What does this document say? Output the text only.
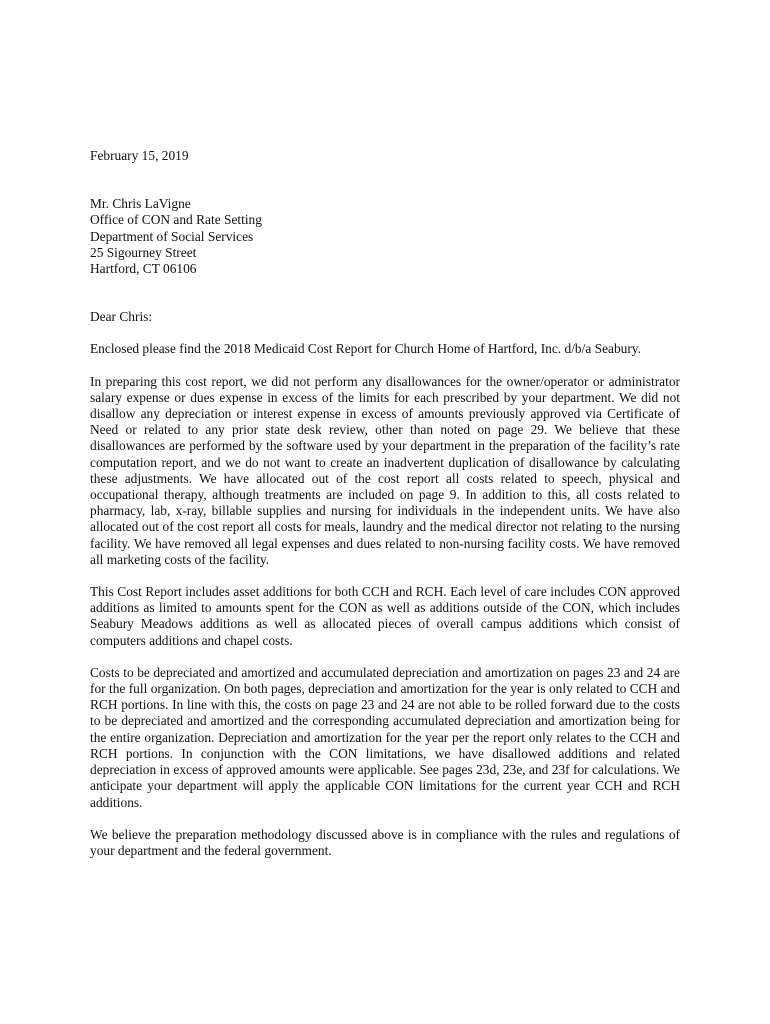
February 15, 2019
Mr. Chris LaVigne
Office of CON and Rate Setting
Department of Social Services
25 Sigourney Street
Hartford, CT 06106
Dear Chris:

Enclosed please find the 2018 Medicaid Cost Report for Church Home of Hartford, Inc. d/b/a Seabury.

In preparing this cost report, we did not perform any disallowances for the owner/operator or administrator salary expense or dues expense in excess of the limits for each prescribed by your department. We did not disallow any depreciation or interest expense in excess of amounts previously approved via Certificate of Need or related to any prior state desk review, other than noted on page 29. We believe that these disallowances are performed by the software used by your department in the preparation of the facility’s rate computation report, and we do not want to create an inadvertent duplication of disallowance by calculating these adjustments. We have allocated out of the cost report all costs related to speech, physical and occupational therapy, although treatments are included on page 9. In addition to this, all costs related to pharmacy, lab, x-ray, billable supplies and nursing for individuals in the independent units. We have also allocated out of the cost report all costs for meals, laundry and the medical director not relating to the nursing facility. We have removed all legal expenses and dues related to non-nursing facility costs. We have removed all marketing costs of the facility.

This Cost Report includes asset additions for both CCH and RCH. Each level of care includes CON approved additions as limited to amounts spent for the CON as well as additions outside of the CON, which includes Seabury Meadows additions as well as allocated pieces of overall campus additions which consist of computers additions and chapel costs.

Costs to be depreciated and amortized and accumulated depreciation and amortization on pages 23 and 24 are for the full organization. On both pages, depreciation and amortization for the year is only related to CCH and RCH portions. In line with this, the costs on page 23 and 24 are not able to be rolled forward due to the costs to be depreciated and amortized and the corresponding accumulated depreciation and amortization being for the entire organization. Depreciation and amortization for the year per the report only relates to the CCH and RCH portions. In conjunction with the CON limitations, we have disallowed additions and related depreciation in excess of approved amounts were applicable. See pages 23d, 23e, and 23f for calculations. We anticipate your department will apply the applicable CON limitations for the current year CCH and RCH additions.

We believe the preparation methodology discussed above is in compliance with the rules and regulations of your department and the federal government.
